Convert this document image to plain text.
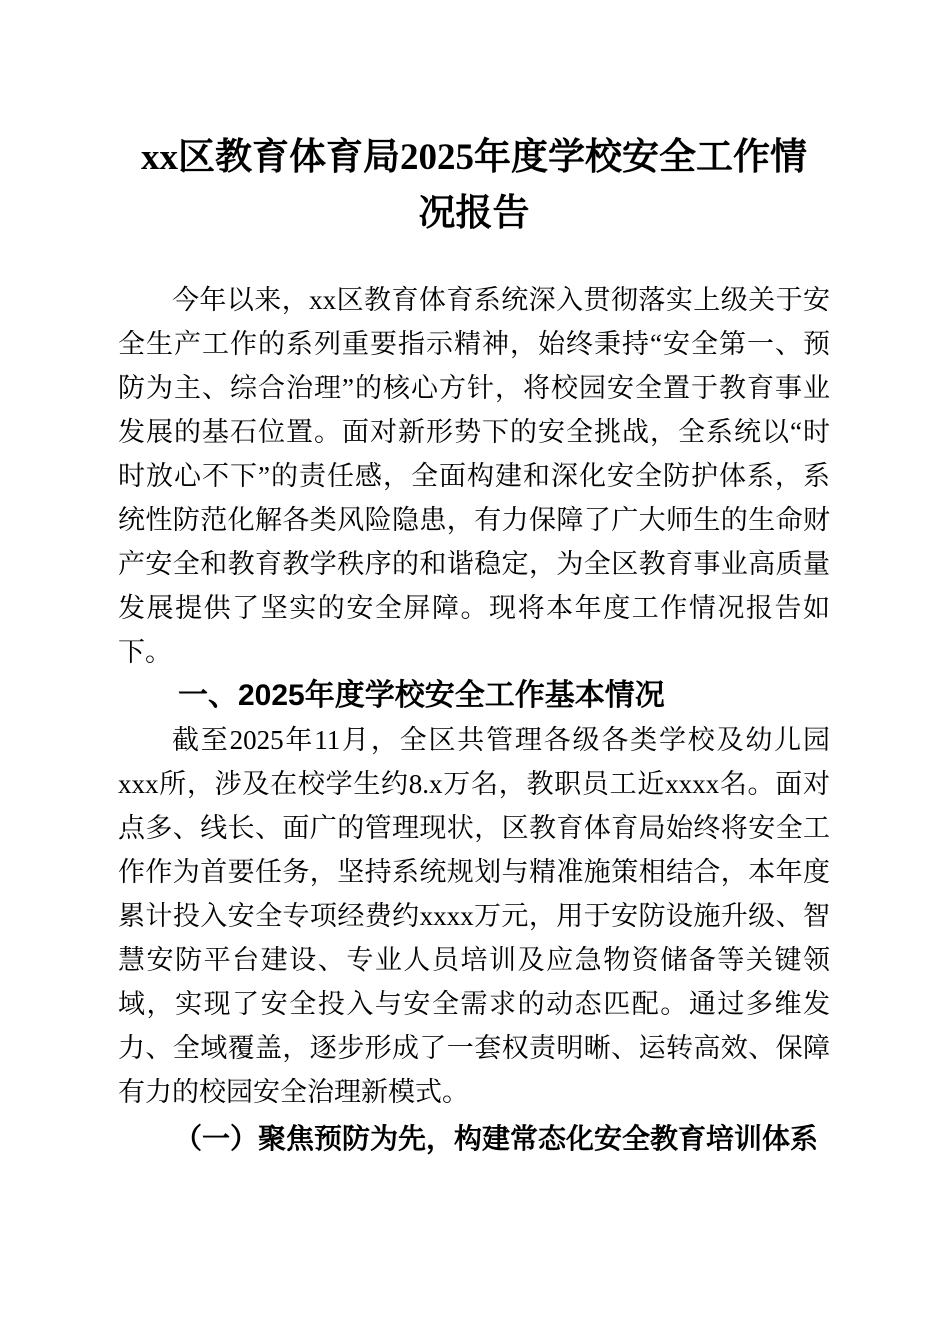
xx区教育体育局2025年度学校安全工作情况报告

今年以来，xx区教育体育系统深入贯彻落实上级关于安全生产工作的系列重要指示精神，始终秉持“安全第一、预防为主、综合治理”的核心方针，将校园安全置于教育事业发展的基石位置。面对新形势下的安全挑战，全系统以“时时放心不下”的责任感，全面构建和深化安全防护体系，系统性防范化解各类风险隐患，有力保障了广大师生的生命财产安全和教育教学秩序的和谐稳定，为全区教育事业高质量发展提供了坚实的安全屏障。现将本年度工作情况报告如下。

一、2025年度学校安全工作基本情况

截至2025年11月，全区共管理各级各类学校及幼儿园xxx所，涉及在校学生约8.x万名，教职员工近xxxx名。面对点多、线长、面广的管理现状，区教育体育局始终将安全工作作为首要任务，坚持系统规划与精准施策相结合，本年度累计投入安全专项经费约xxxx万元，用于安防设施升级、智慧安防平台建设、专业人员培训及应急物资储备等关键领域，实现了安全投入与安全需求的动态匹配。通过多维发力、全域覆盖，逐步形成了一套权责明晰、运转高效、保障有力的校园安全治理新模式。

（一）聚焦预防为先，构建常态化安全教育培训体系
